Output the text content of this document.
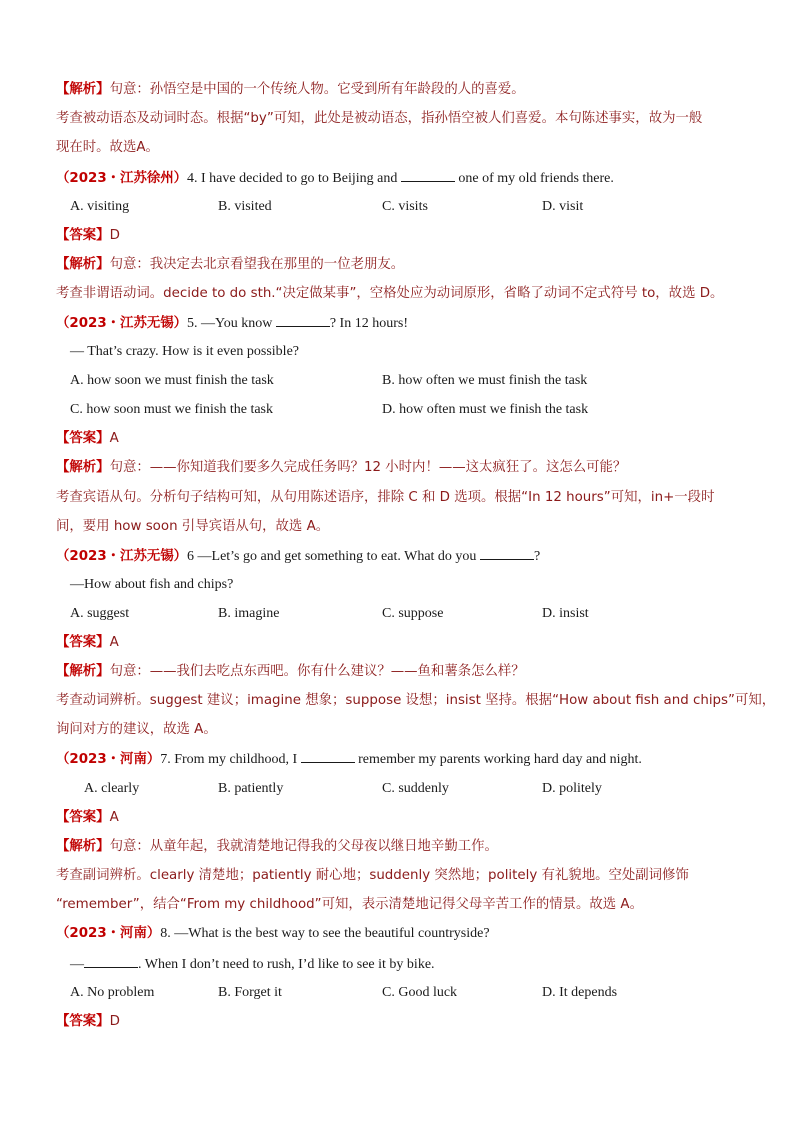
【解析】句意：孙悟空是中国的一个传统人物。它受到所有年龄段的人的喜爱。
考查被动语态及动词时态。根据“by”可知，此处是被动语态，指孙悟空被人们喜爱。本句陈述事实，故为一般
现在时。故选A。
（2023・江苏徐州）4. I have decided to go to Beijing and	one of my old friends there.
A. visiting	B. visited	C. visits	D. visit
【答案】D
【解析】句意：我决定去北京看望我在那里的一位老朋友。
考查非谓语动词。decide to do sth.“决定做某事”，空格处应为动词原形，省略了动词不定式符号 to，故选 D。
（2023・江苏无锡）5. —You know	? In 12 hours!
— That’s crazy. How is it even possible?
A. how soon we must finish the task	B. how often we must finish the task
C. how soon must we finish the task	D. how often must we finish the task
【答案】A
【解析】句意：——你知道我们要多久完成任务吗？12 小时内！——这太疯狂了。这怎么可能？
考查宾语从句。分析句子结构可知，从句用陈述语序，排除 C 和 D 选项。根据“In 12 hours”可知，in+一段时
间，要用 how soon 引导宾语从句，故选 A。
（2023・江苏无锡）6 —Let’s go and get something to eat. What do you	?
—How about fish and chips?
A. suggest	B. imagine	C. suppose	D. insist
【答案】A
【解析】句意：——我们去吃点东西吧。你有什么建议？——鱼和薯条怎么样？
考查动词辨析。suggest 建议；imagine 想象；suppose 设想；insist 坚持。根据“How about fish and chips”可知，
询问对方的建议，故选 A。
（2023・河南）7. From my childhood, I	remember my parents working hard day and night.
A. clearly	B. patiently	C. suddenly	D. politely
【答案】A
【解析】句意：从童年起，我就清楚地记得我的父母夜以继日地辛勤工作。
考查副词辨析。clearly 清楚地；patiently 耐心地；suddenly 突然地；politely 有礼貌地。空处副词修饰
“remember”，结合“From my childhood”可知，表示清楚地记得父母辛苦工作的情景。故选 A。
（2023・河南）8. —What is the best way to see the beautiful countryside?
—	. When I don’t need to rush, I’d like to see it by bike.
A. No problem	B. Forget it	C. Good luck	D. It depends
【答案】D
